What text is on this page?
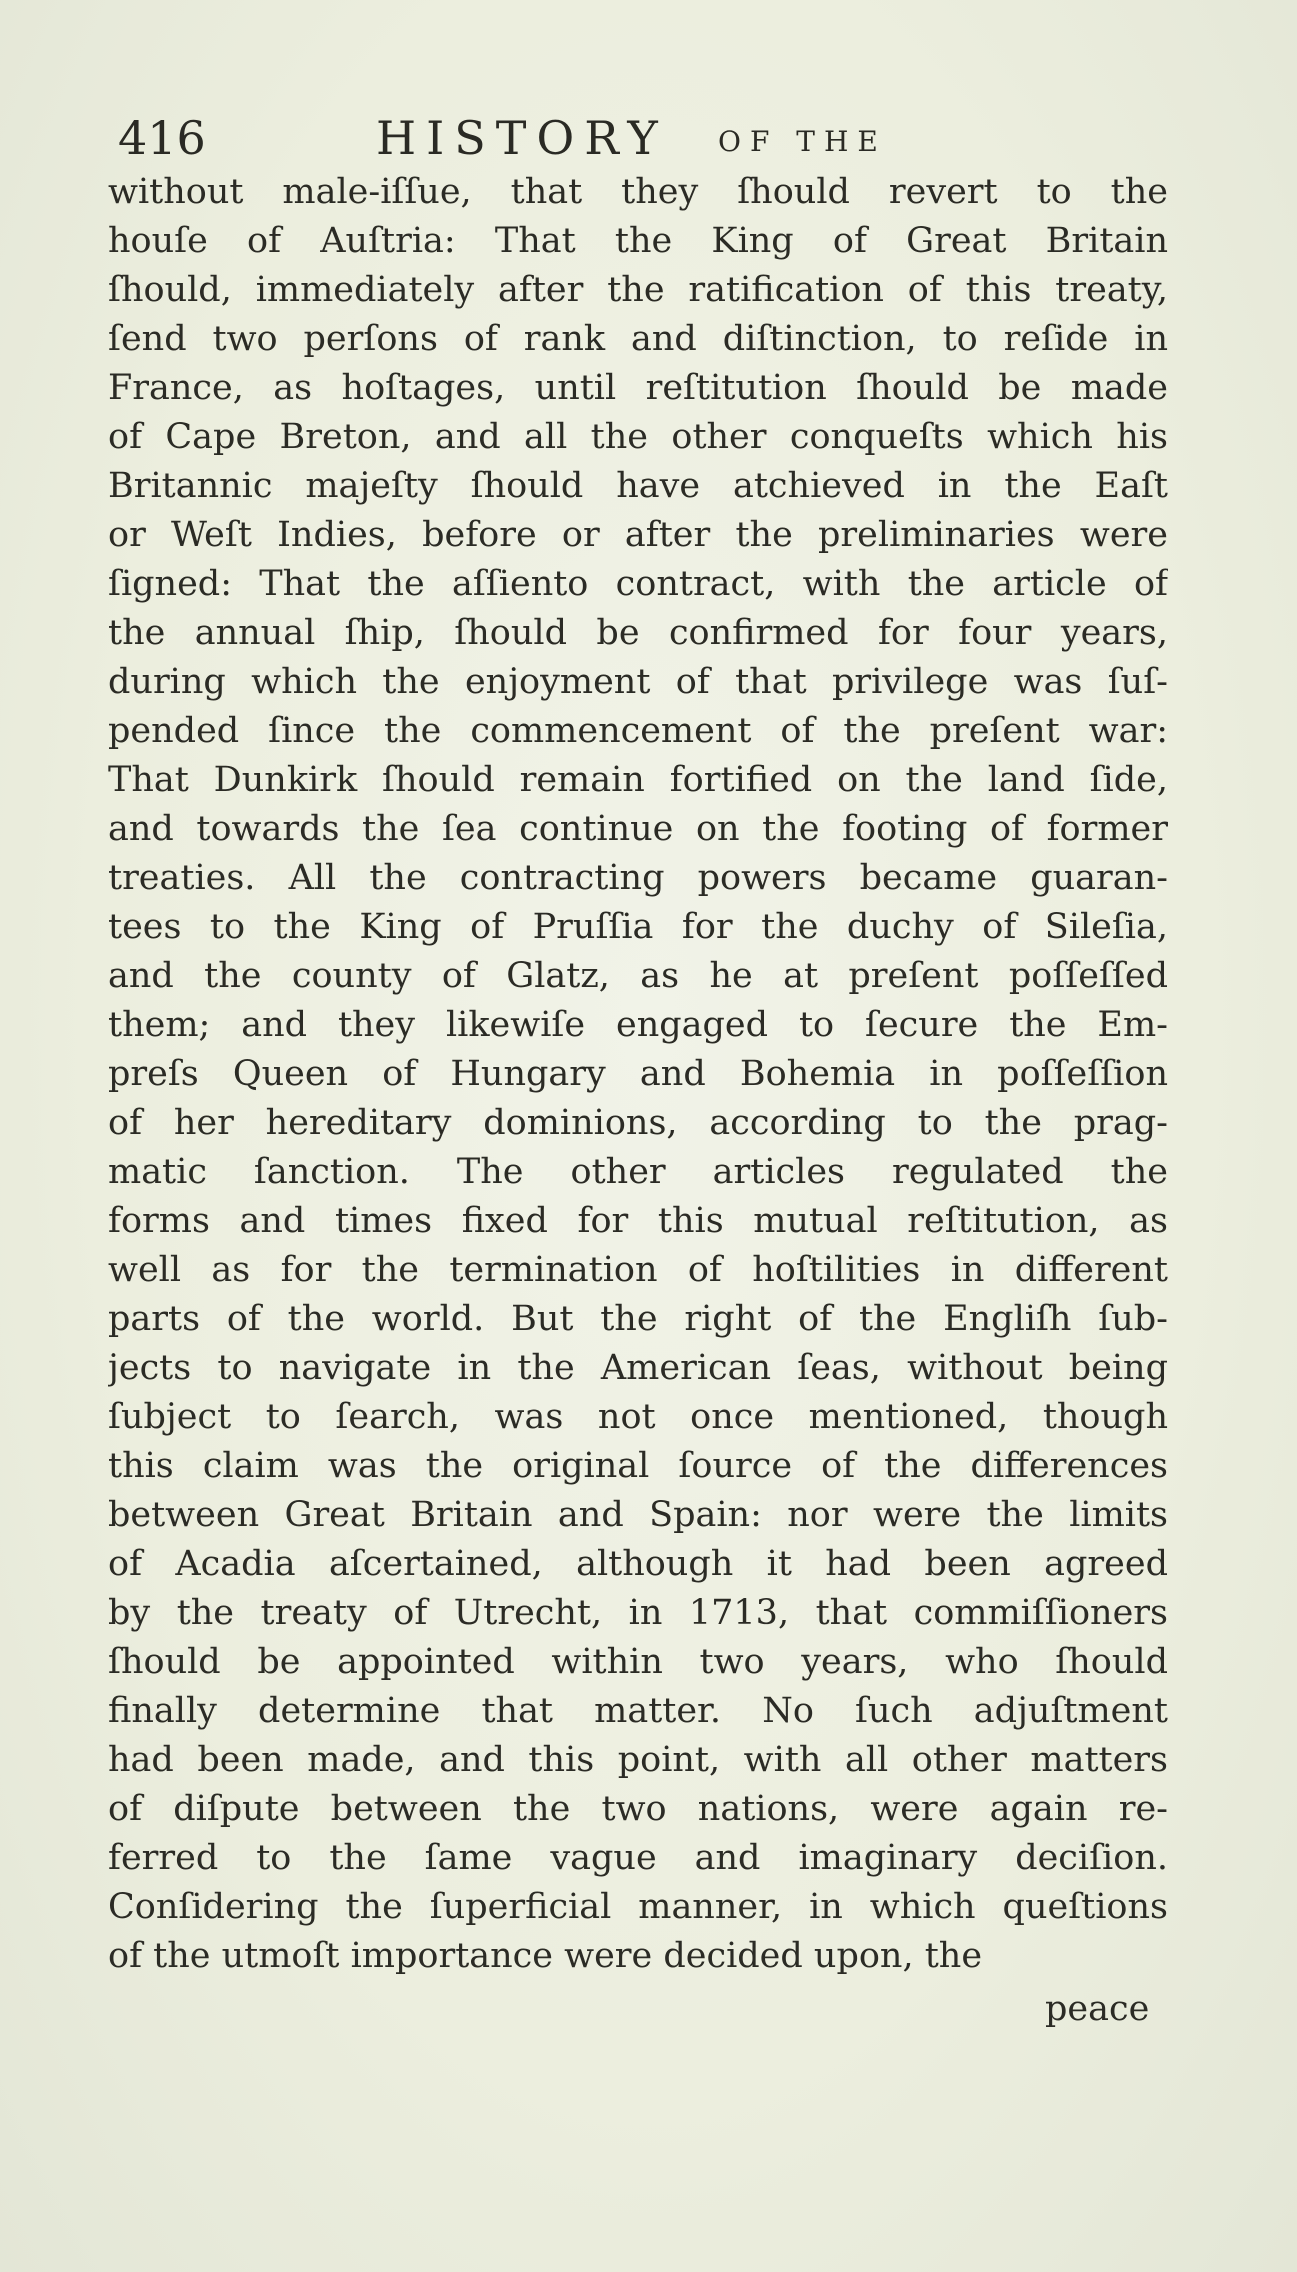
416	HISTORY OF THE
without male-iſſue, that they ſhould revert to the
houſe of Auſtria: That the King of Great Britain
ſhould, immediately after the ratification of this treaty,
ſend two perſons of rank and diſtinction, to reſide in
France, as hoſtages, until reſtitution ſhould be made
of Cape Breton, and all the other conqueſts which his
Britannic majeſty ſhould have atchieved in the Eaſt
or Weſt Indies, before or after the preliminaries were
ſigned: That the aſſiento contract, with the article of
the annual ſhip, ſhould be confirmed for four years,
during which the enjoyment of that privilege was ſuſ-
pended ſince the commencement of the preſent war:
That Dunkirk ſhould remain fortified on the land ſide,
and towards the ſea continue on the footing of former
treaties. All the contracting powers became guaran-
tees to the King of Pruſſia for the duchy of Sileſia,
and the county of Glatz, as he at preſent poſſeſſed
them; and they likewiſe engaged to ſecure the Em-
preſs Queen of Hungary and Bohemia in poſſeſſion
of her hereditary dominions, according to the prag-
matic ſanction. The other articles regulated the
forms and times fixed for this mutual reſtitution, as
well as for the termination of hoſtilities in different
parts of the world. But the right of the Engliſh ſub-
jects to navigate in the American ſeas, without being
ſubject to ſearch, was not once mentioned, though
this claim was the original ſource of the differences
between Great Britain and Spain: nor were the limits
of Acadia aſcertained, although it had been agreed
by the treaty of Utrecht, in 1713, that commiſſioners
ſhould be appointed within two years, who ſhould
finally determine that matter. No ſuch adjuſtment
had been made, and this point, with all other matters
of diſpute between the two nations, were again re-
ferred to the ſame vague and imaginary deciſion.
Conſidering the ſuperficial manner, in which queſtions
of the utmoſt importance were decided upon, the
peace
